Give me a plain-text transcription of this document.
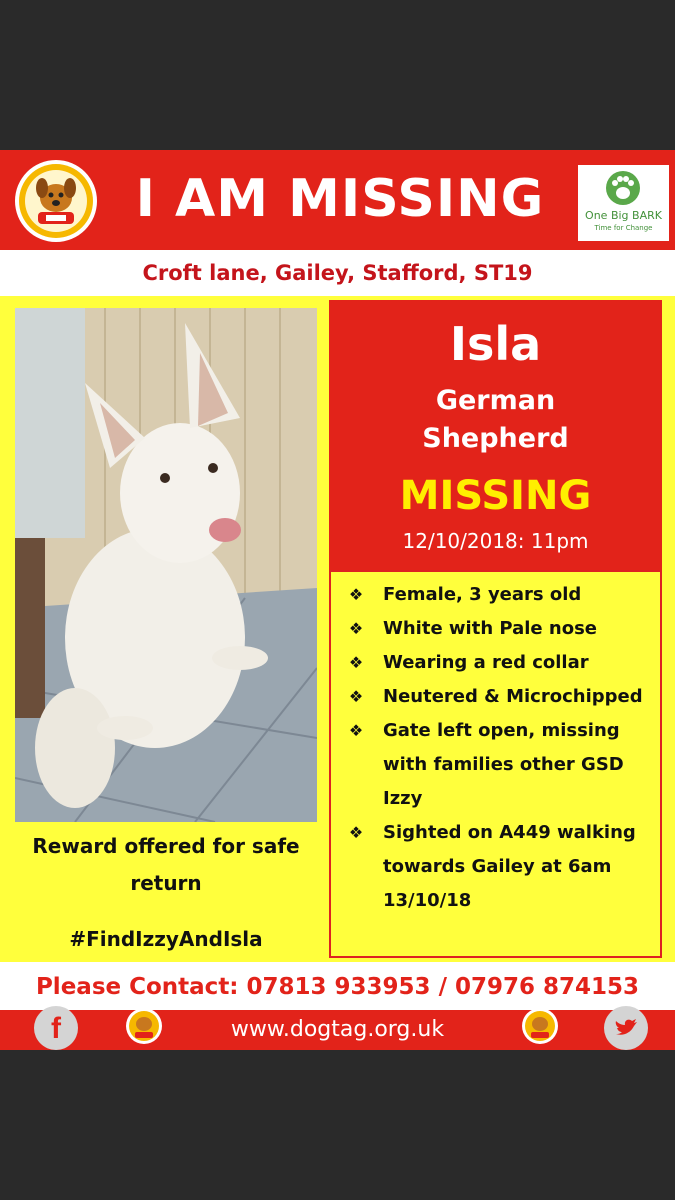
I AM MISSING	One Big BARK
Time for Change
Croft lane, Gailey, Stafford, ST19
Reward offered for safe return
#FindIzzyAndIsla
Isla
German
Shepherd
MISSING
12/10/2018: 11pm
❖	Female, 3 years old
❖	White with Pale nose
❖	Wearing a red collar
❖	Neutered & Microchipped
❖	Gate left open, missing with families other GSD Izzy
❖	Sighted on A449 walking towards Gailey at 6am 13/10/18
Please Contact: 07813 933953 / 07976 874153
f	www.dogtag.org.uk
